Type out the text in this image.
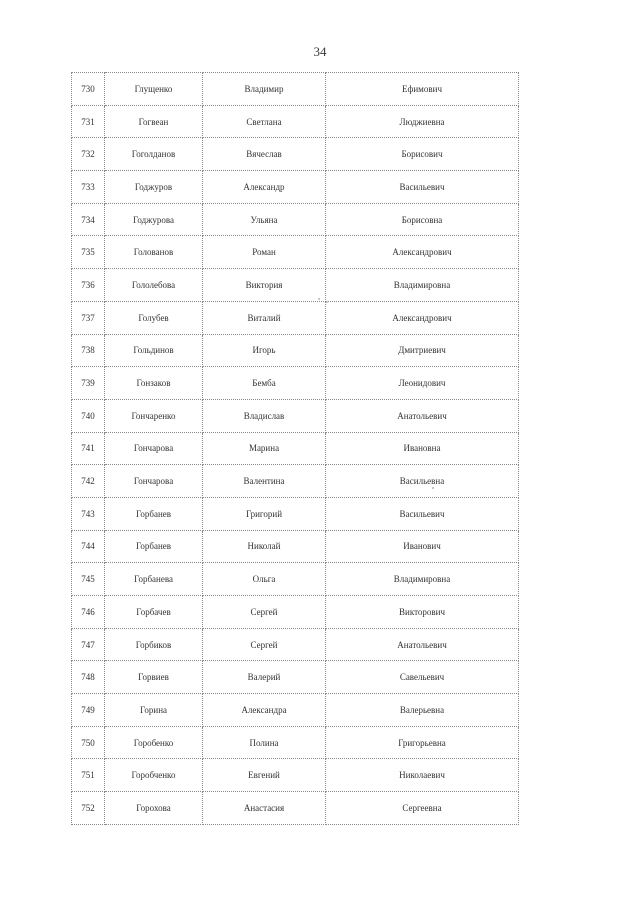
34
730	Глущенко	Владимир	Ефимович
731	Гогвеан	Светлана	Люджиевна
732	Гоголданов	Вячеслав	Борисович
733	Годжуров	Александр	Васильевич
734	Годжурова	Ульяна	Борисовна
735	Голованов	Роман	Александрович
736	Гололебова	Виктория	Владимировна
737	Голубев	Виталий	Александрович
738	Гольдинов	Игорь	Дмитриевич
739	Гонзаков	Бемба	Леонидович
740	Гончаренко	Владислав	Анатольевич
741	Гончарова	Марина	Ивановна
742	Гончарова	Валентина	Васильевна
743	Горбанев	Григорий	Васильевич
744	Горбанев	Николай	Иванович
745	Горбанева	Ольга	Владимировна
746	Горбачев	Сергей	Викторович
747	Горбиков	Сергей	Анатольевич
748	Горвиев	Валерий	Савельевич
749	Горина	Александра	Валерьевна
750	Горобенко	Полина	Григорьевна
751	Горобченко	Евгений	Николаевич
752	Горохова	Анастасия	Сергеевна
